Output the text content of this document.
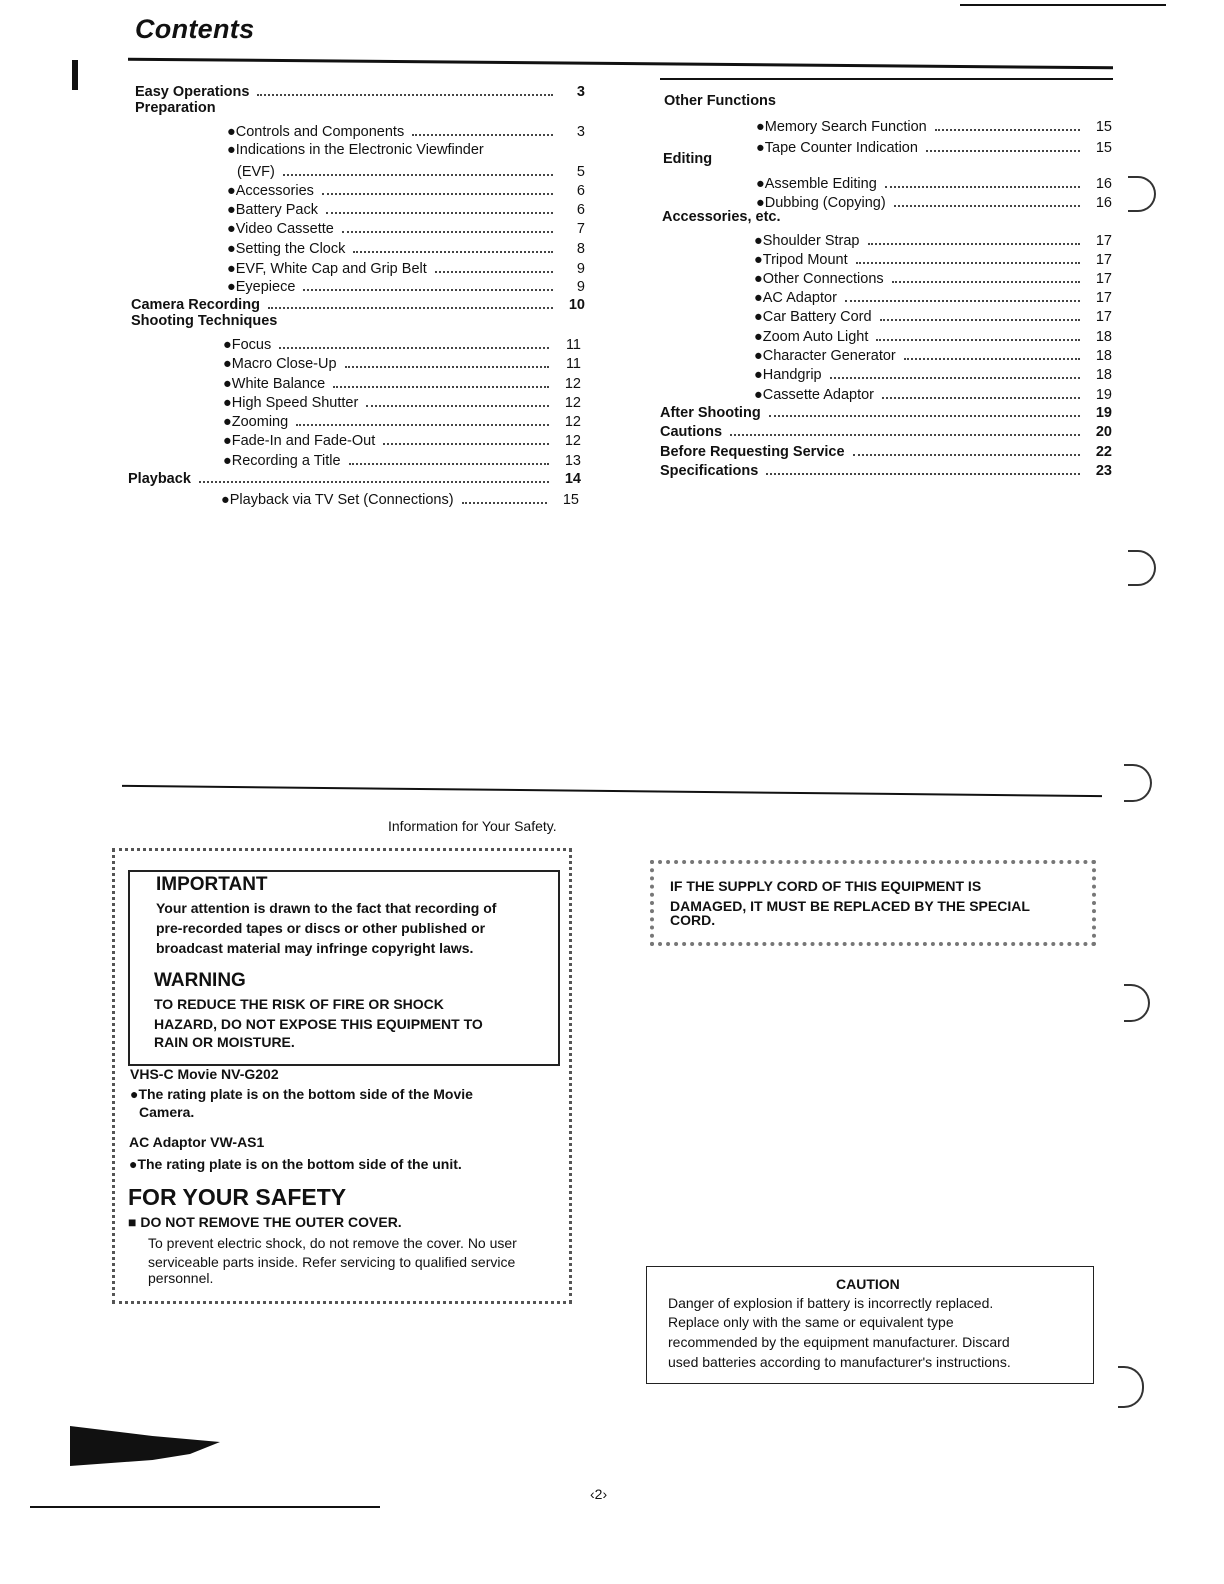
Contents
Easy Operations	3
Preparation
●Controls and Components	3
●Indications in the Electronic Viewfinder
(EVF)	5
●Accessories	6
●Battery Pack	6
●Video Cassette	7
●Setting the Clock	8
●EVF, White Cap and Grip Belt	9
●Eyepiece	9
Camera Recording	10
Shooting Techniques
●Focus	11
●Macro Close-Up	11
●White Balance	12
●High Speed Shutter	12
●Zooming	12
●Fade-In and Fade-Out	12
●Recording a Title	13
Playback	14
●Playback via TV Set (Connections)	15
Other Functions
●Memory Search Function	15
●Tape Counter Indication	15
Editing
●Assemble Editing	16
●Dubbing (Copying)	16
Accessories, etc.
●Shoulder Strap	17
●Tripod Mount	17
●Other Connections	17
●AC Adaptor	17
●Car Battery Cord	17
●Zoom Auto Light	18
●Character Generator	18
●Handgrip	18
●Cassette Adaptor	19
After Shooting	19
Cautions	20
Before Requesting Service	22
Specifications	23
Information for Your Safety.
IMPORTANT
Your attention is drawn to the fact that recording of
pre-recorded tapes or discs or other published or
broadcast material may infringe copyright laws.
WARNING
TO REDUCE THE RISK OF FIRE OR SHOCK
HAZARD, DO NOT EXPOSE THIS EQUIPMENT TO
RAIN OR MOISTURE.
VHS-C Movie NV-G202
●The rating plate is on the bottom side of the Movie
Camera.
AC Adaptor VW-AS1
●The rating plate is on the bottom side of the unit.
FOR YOUR SAFETY
■ DO NOT REMOVE THE OUTER COVER.
To prevent electric shock, do not remove the cover. No user
serviceable parts inside. Refer servicing to qualified service
personnel.
IF THE SUPPLY CORD OF THIS EQUIPMENT IS
DAMAGED, IT MUST BE REPLACED BY THE SPECIAL
CORD.
CAUTION
Danger of explosion if battery is incorrectly replaced.
Replace only with the same or equivalent type
recommended by the equipment manufacturer. Discard
used batteries according to manufacturer's instructions.
‹2›
